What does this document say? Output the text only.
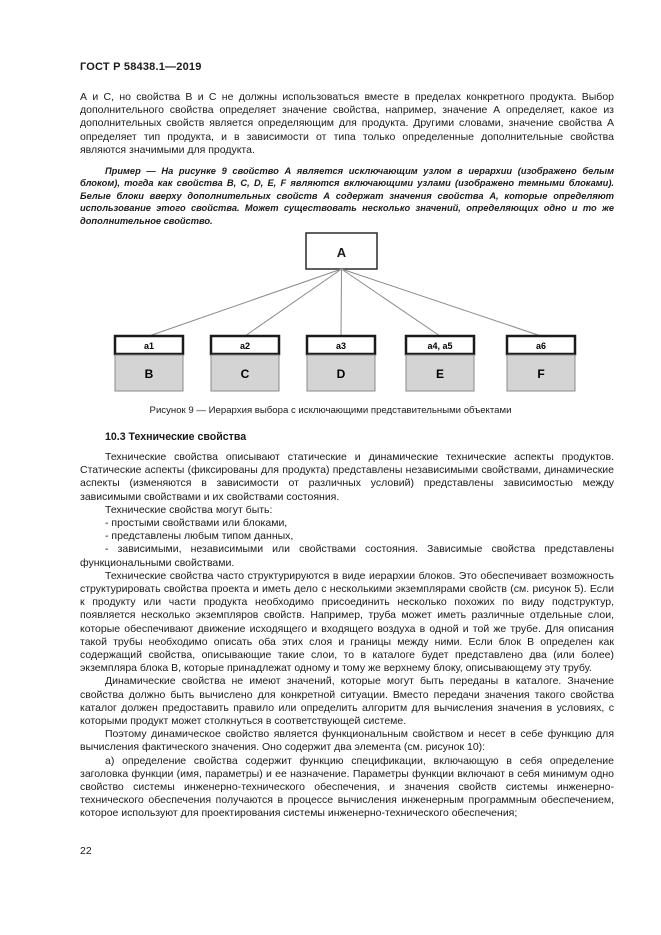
ГОСТ Р 58438.1—2019

А и С, но свойства В и С не должны использоваться вместе в пределах конкретного продукта. Выбор дополнительного свойства определяет значение свойства, например, значение А определяет, какое из дополнительных свойств является определяющим для продукта. Другими словами, значение свойства А определяет тип продукта, и в зависимости от типа только определенные дополнительные свойства являются значимыми для продукта.

Пример — На рисунке 9 свойство А является исключающим узлом в иерархии (изображено белым блоком), тогда как свойства B, C, D, E, F являются включающими узлами (изображено темными блоками). Белые блоки вверху дополнительных свойств А содержат значения свойства А, которые определяют использование этого свойства. Может существовать несколько значений, определяющих одно и то же дополнительное свойство.

A
a1
B
a2
C
a3
D
a4, a5
E
a6
F
Рисунок 9 — Иерархия выбора с исключающими представительными объектами
10.3 Технические свойства

Технические свойства описывают статические и динамические технические аспекты продуктов. Статические аспекты (фиксированы для продукта) представлены независимыми свойствами, динамические аспекты (изменяются в зависимости от различных условий) представлены зависимостью между зависимыми свойствами и их свойствами состояния.

Технические свойства могут быть:

- простыми свойствами или блоками,

- представлены любым типом данных,

- зависимыми, независимыми или свойствами состояния. Зависимые свойства представлены функциональными свойствами.

Технические свойства часто структурируются в виде иерархии блоков. Это обеспечивает возможность структурировать свойства проекта и иметь дело с несколькими экземплярами свойств (см. рисунок 5). Если к продукту или части продукта необходимо присоединить несколько похожих по виду подструктур, появляется несколько экземпляров свойств. Например, труба может иметь различные отдельные слои, которые обеспечивают движение исходящего и входящего воздуха в одной и той же трубе. Для описания такой трубы необходимо описать оба этих слоя и границы между ними. Если блок В определен как содержащий свойства, описывающие такие слои, то в каталоге будет представлено два (или более) экземпляра блока В, которые принадлежат одному и тому же верхнему блоку, описывающему эту трубу.

Динамические свойства не имеют значений, которые могут быть переданы в каталоге. Значение свойства должно быть вычислено для конкретной ситуации. Вместо передачи значения такого свойства каталог должен предоставить правило или определить алгоритм для вычисления значения в условиях, с которыми продукт может столкнуться в соответствующей системе.

Поэтому динамическое свойство является функциональным свойством и несет в себе функцию для вычисления фактического значения. Оно содержит два элемента (см. рисунок 10):

а) определение свойства содержит функцию спецификации, включающую в себя определение заголовка функции (имя, параметры) и ее назначение. Параметры функции включают в себя минимум одно свойство системы инженерно-технического обеспечения, и значения свойств системы инженерно-технического обеспечения получаются в процессе вычисления инженерным программным обеспечением, которое используют для проектирования системы инженерно-технического обеспечения;

22
